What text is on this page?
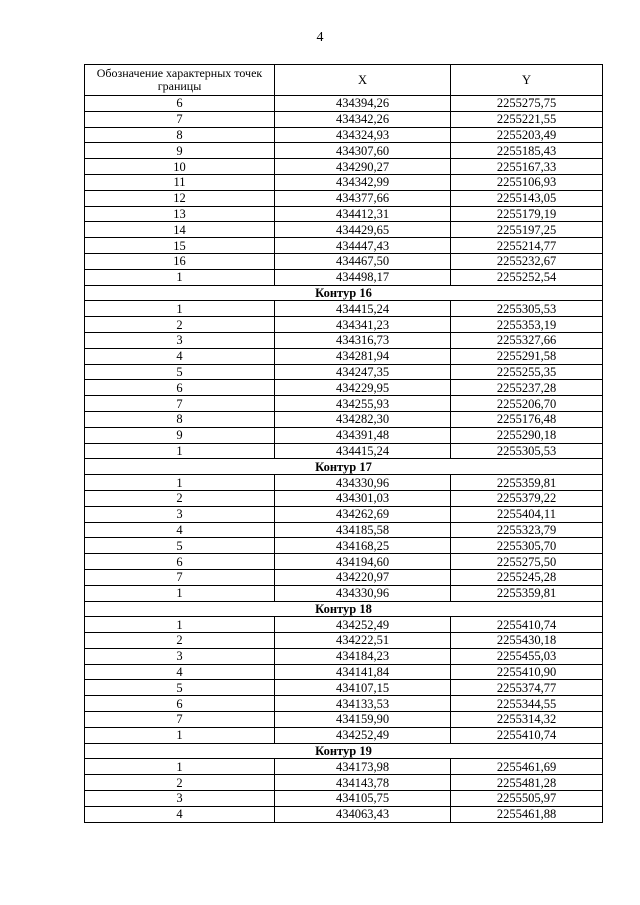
4
Обозначение характерных точек границы	X	Y
6	434394,26	2255275,75
7	434342,26	2255221,55
8	434324,93	2255203,49
9	434307,60	2255185,43
10	434290,27	2255167,33
11	434342,99	2255106,93
12	434377,66	2255143,05
13	434412,31	2255179,19
14	434429,65	2255197,25
15	434447,43	2255214,77
16	434467,50	2255232,67
1	434498,17	2255252,54
Контур 16		
1	434415,24	2255305,53
2	434341,23	2255353,19
3	434316,73	2255327,66
4	434281,94	2255291,58
5	434247,35	2255255,35
6	434229,95	2255237,28
7	434255,93	2255206,70
8	434282,30	2255176,48
9	434391,48	2255290,18
1	434415,24	2255305,53
Контур 17		
1	434330,96	2255359,81
2	434301,03	2255379,22
3	434262,69	2255404,11
4	434185,58	2255323,79
5	434168,25	2255305,70
6	434194,60	2255275,50
7	434220,97	2255245,28
1	434330,96	2255359,81
Контур 18		
1	434252,49	2255410,74
2	434222,51	2255430,18
3	434184,23	2255455,03
4	434141,84	2255410,90
5	434107,15	2255374,77
6	434133,53	2255344,55
7	434159,90	2255314,32
1	434252,49	2255410,74
Контур 19		
1	434173,98	2255461,69
2	434143,78	2255481,28
3	434105,75	2255505,97
4	434063,43	2255461,88
